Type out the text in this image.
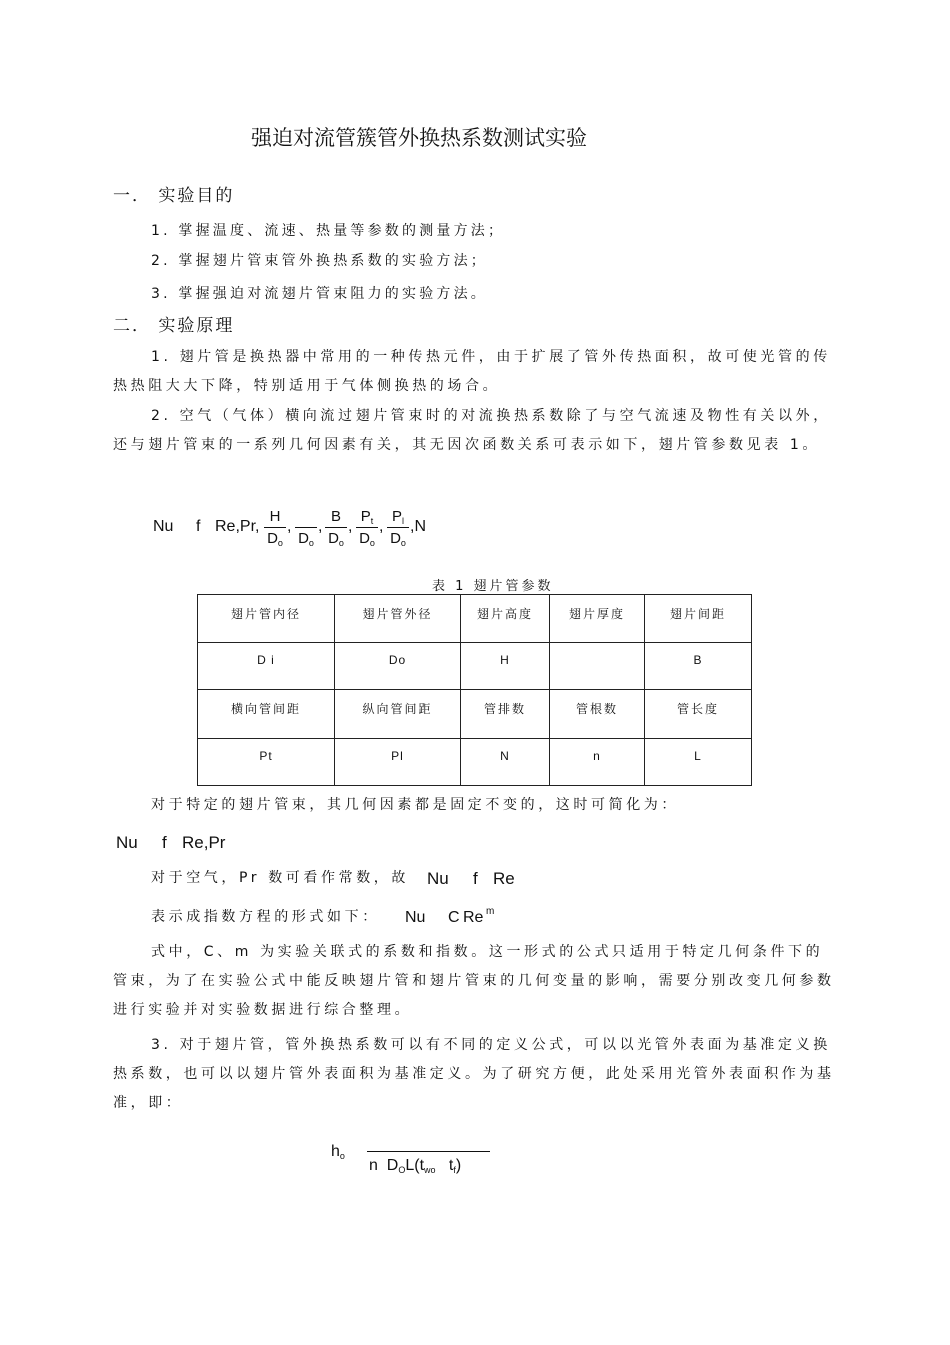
强迫对流管簇管外换热系数测试实验
一． 实验目的
1. 掌握温度、流速、热量等参数的测量方法；
2. 掌握翅片管束管外换热系数的实验方法；
3. 掌握强迫对流翅片管束阻力的实验方法。
二． 实验原理
1. 翅片管是换热器中常用的一种传热元件，由于扩展了管外传热面积，故可使光管的传热热阻大大下降，特别适用于气体侧换热的场合。
2. 空气（气体）横向流过翅片管束时的对流换热系数除了与空气流速及物性有关以外，还与翅片管束的一系列几何因素有关，其无因次函数关系可表示如下，翅片管参数见表 1。
Nu f Re,Pr,
H
$D_o$
,
$D_o$
,
B
$D_o$
,
$P_t$
$D_o$
,
$P_l$
$D_o$
,N
表 1 翅片管参数
翅片管内径	翅片管外径	翅片高度	翅片厚度	翅片间距
D i	Do	H		B
横向管间距	纵向管间距	管排数	管根数	管长度
Pt	Pl	N	n	L
对于特定的翅片管束，其几何因素都是固定不变的，这时可简化为：
Nu f Re,Pr
对于空气，Pr 数可看作常数，故 Nu f Re
表示成指数方程的形式如下： Nu C Re m
式中，C、m 为实验关联式的系数和指数。这一形式的公式只适用于特定几何条件下的管束，为了在实验公式中能反映翅片管和翅片管束的几何变量的影响，需要分别改变几何参数进行实验并对实验数据进行综合整理。
3. 对于翅片管，管外换热系数可以有不同的定义公式，可以以光管外表面为基准定义换热系数，也可以以翅片管外表面积为基准定义。为了研究方便，此处采用光管外表面积作为基准，即：
$h_o$
n $D_OL(t_{wo}$ $t_f$)
